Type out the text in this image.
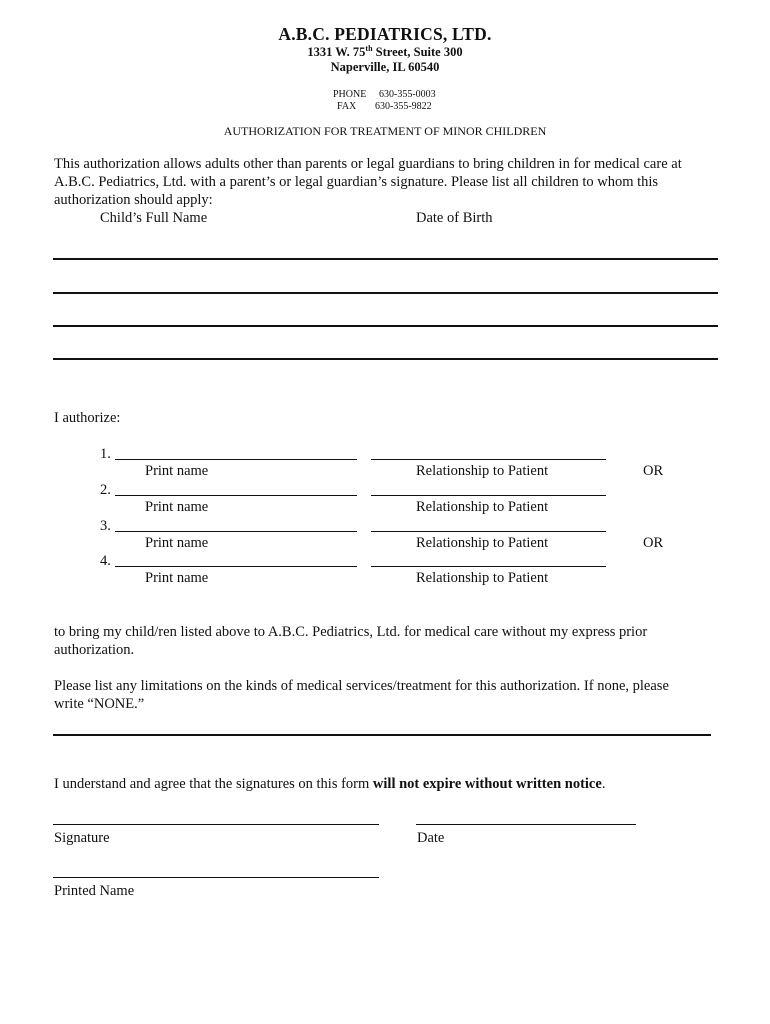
A.B.C. PEDIATRICS, LTD.
1331 W. 75th Street, Suite 300
Naperville, IL 60540
PHONE 630-355-0003
FAX 630-355-9822
AUTHORIZATION FOR TREATMENT OF MINOR CHILDREN
This authorization allows adults other than parents or legal guardians to bring children in for medical care at
A.B.C. Pediatrics, Ltd. with a parent’s or legal guardian’s signature. Please list all children to whom this
authorization should apply:
Child’s Full Name	Date of Birth
I authorize:
1.
Print name	Relationship to Patient	OR
2.
Print name	Relationship to Patient
3.
Print name	Relationship to Patient	OR
4.
Print name	Relationship to Patient
to bring my child/ren listed above to A.B.C. Pediatrics, Ltd. for medical care without my express prior
authorization.
Please list any limitations on the kinds of medical services/treatment for this authorization. If none, please
write “NONE.”
I understand and agree that the signatures on this form will not expire without written notice.
Signature	Date
Printed Name
